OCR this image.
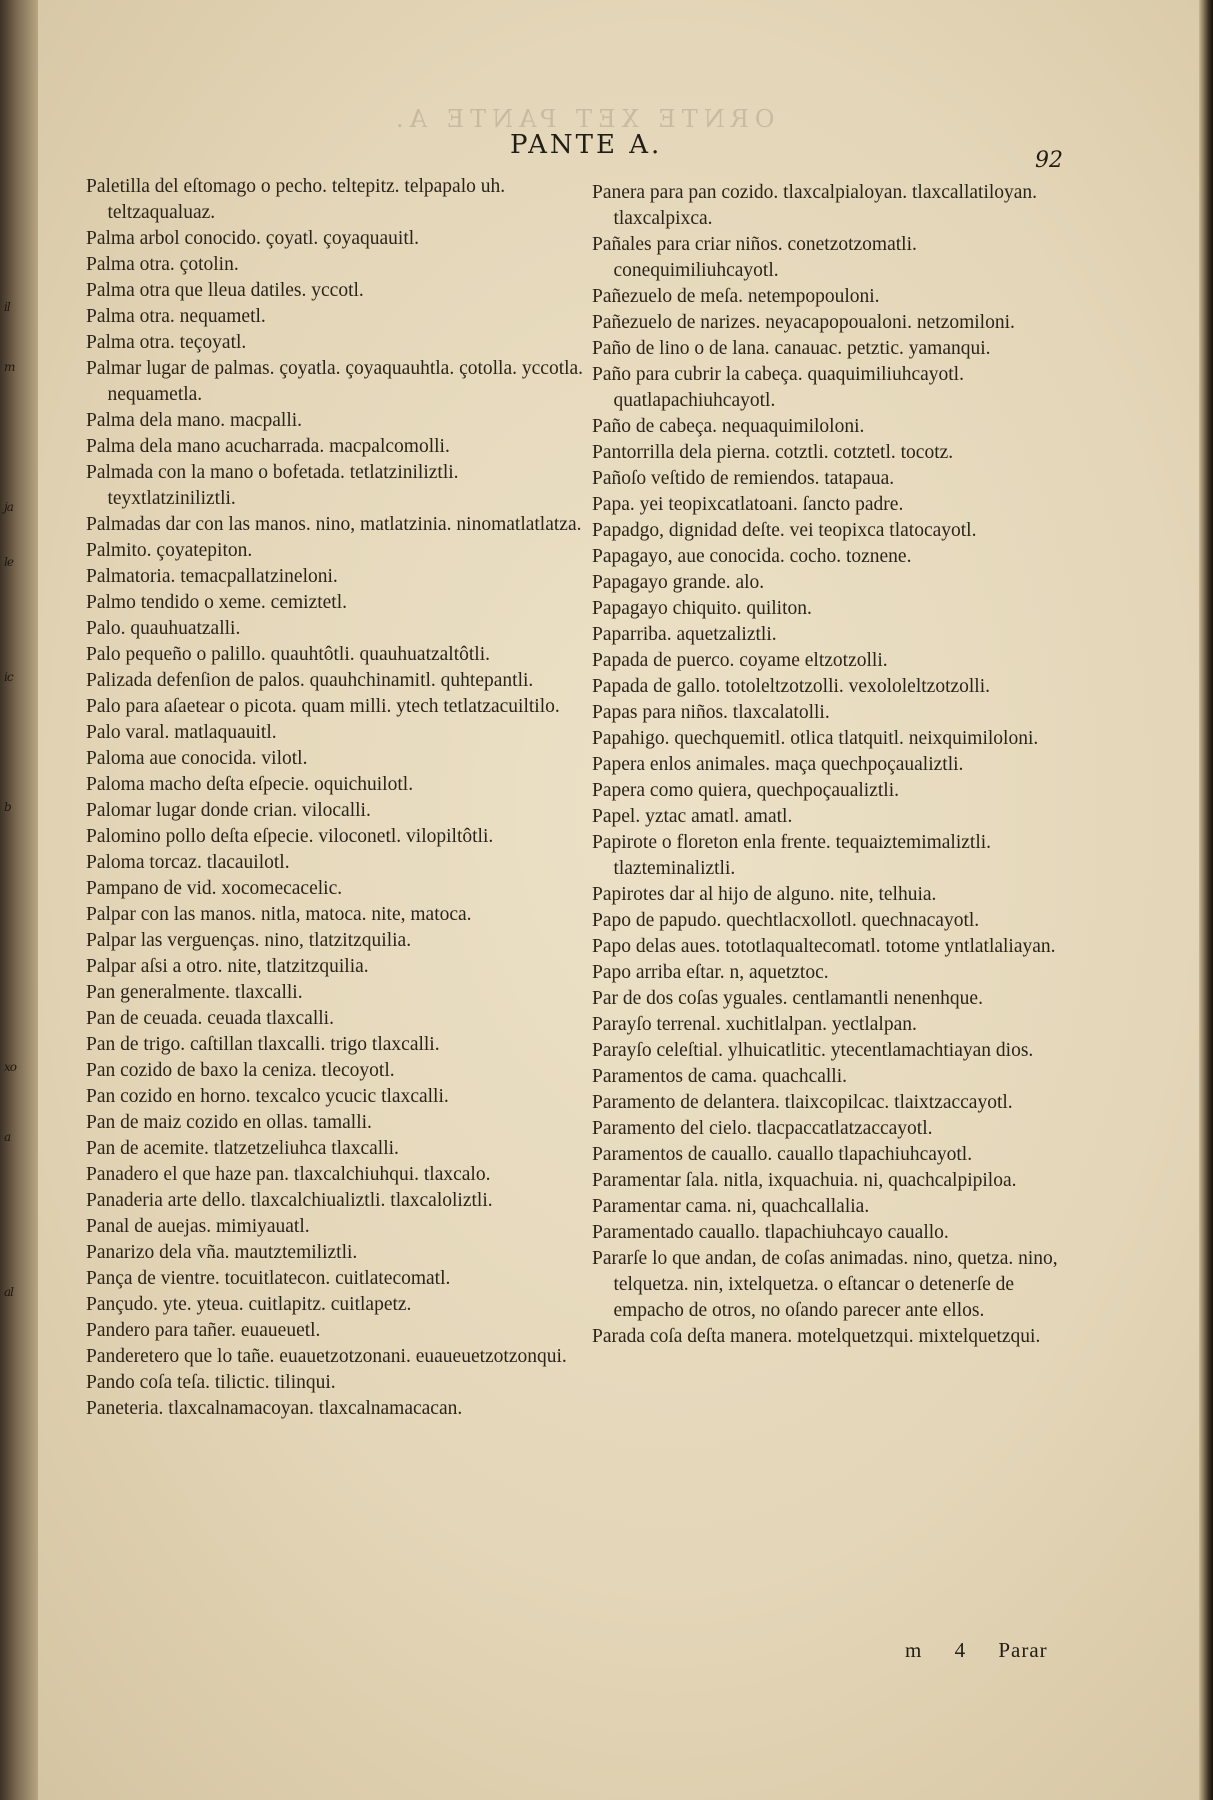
il
m
ja
le
ic
b
xo
a
al
ORNTE XET PANTE A.
PANTE A.
92
Paletilla del eſtomago o pecho. teltepitz. telpapalo uh. teltzaqualuaz.
Palma arbol conocido. çoyatl. çoyaquauitl.
Palma otra. çotolin.
Palma otra que lleua datiles. yccotl.
Palma otra. nequametl.
Palma otra. teçoyatl.
Palmar lugar de palmas. çoyatla. çoyaquauhtla. çotolla. yccotla. nequametla.
Palma dela mano. macpalli.
Palma dela mano acucharrada. macpalcomolli.
Palmada con la mano o bofetada. tetlatziniliztli. teyxtlatziniliztli.
Palmadas dar con las manos. nino, matlatzinia. ninomatlatlatza.
Palmito. çoyatepiton.
Palmatoria. temacpallatzineloni.
Palmo tendido o xeme. cemiztetl.
Palo. quauhuatzalli.
Palo pequeño o palillo. quauhtôtli. quauhuatzaltôtli.
Palizada defenſion de palos. quauhchinamitl. quhtepantli.
Palo para aſaetear o picota. quam milli. ytech tetlatzacuiltilo.
Palo varal. matlaquauitl.
Paloma aue conocida. vilotl.
Paloma macho deſta eſpecie. oquichuilotl.
Palomar lugar donde crian. vilocalli.
Palomino pollo deſta eſpecie. viloconetl. vilopiltôtli.
Paloma torcaz. tlacauilotl.
Pampano de vid. xocomecacelic.
Palpar con las manos. nitla, matoca. nite, matoca.
Palpar las verguenças. nino, tlatzitzquilia.
Palpar aſsi a otro. nite, tlatzitzquilia.
Pan generalmente. tlaxcalli.
Pan de ceuada. ceuada tlaxcalli.
Pan de trigo. caſtillan tlaxcalli. trigo tlaxcalli.
Pan cozido de baxo la ceniza. tlecoyotl.
Pan cozido en horno. texcalco ycucic tlaxcalli.
Pan de maiz cozido en ollas. tamalli.
Pan de acemite. tlatzetzeliuhca tlaxcalli.
Panadero el que haze pan. tlaxcalchiuhqui. tlaxcalo.
Panaderia arte dello. tlaxcalchiualiztli. tlaxcaloliztli.
Panal de auejas. mimiyauatl.
Panarizo dela vña. mautztemiliztli.
Pança de vientre. tocuitlatecon. cuitlatecomatl.
Pançudo. yte. yteua. cuitlapitz. cuitlapetz.
Pandero para tañer. euaueuetl.
Panderetero que lo tañe. euauetzotzonani. euaueuetzotzonqui.
Pando coſa teſa. tilictic. tilinqui.
Paneteria. tlaxcalnamacoyan. tlaxcalnamacacan.
Panera para pan cozido. tlaxcalpialoyan. tlaxcallatiloyan. tlaxcalpixca.
Pañales para criar niños. conetzotzomatli. conequimiliuhcayotl.
Pañezuelo de meſa. netempopouloni.
Pañezuelo de narizes. neyacapopoualoni. netzomiloni.
Paño de lino o de lana. canauac. petztic. yamanqui.
Paño para cubrir la cabeça. quaquimiliuhcayotl. quatlapachiuhcayotl.
Paño de cabeça. nequaquimiloloni.
Pantorrilla dela pierna. cotztli. cotztetl. tocotz.
Pañoſo veſtido de remiendos. tatapaua.
Papa. yei teopixcatlatoani. ſancto padre.
Papadgo, dignidad deſte. vei teopixca tlatocayotl.
Papagayo, aue conocida. cocho. toznene.
Papagayo grande. alo.
Papagayo chiquito. quiliton.
Paparriba. aquetzaliztli.
Papada de puerco. coyame eltzotzolli.
Papada de gallo. totoleltzotzolli. vexololeltzotzolli.
Papas para niños. tlaxcalatolli.
Papahigo. quechquemitl. otlica tlatquitl. neixquimiloloni.
Papera enlos animales. maça quechpoçaualiztli.
Papera como quiera, quechpoçaualiztli.
Papel. yztac amatl. amatl.
Papirote o floreton enla frente. tequaiztemimaliztli. tlazteminaliztli.
Papirotes dar al hijo de alguno. nite, telhuia.
Papo de papudo. quechtlacxollotl. quechnacayotl.
Papo delas aues. tototlaqualtecomatl. totome yntlatlaliayan.
Papo arriba eſtar. n, aquetztoc.
Par de dos coſas yguales. centlamantli nenenhque.
Parayſo terrenal. xuchitlalpan. yectlalpan.
Parayſo celeſtial. ylhuicatlitic. ytecentlamachtiayan dios.
Paramentos de cama. quachcalli.
Paramento de delantera. tlaixcopilcac. tlaixtzaccayotl.
Paramento del cielo. tlacpaccatlatzaccayotl.
Paramentos de cauallo. cauallo tlapachiuhcayotl.
Paramentar ſala. nitla, ixquachuia. ni, quachcalpipiloa.
Paramentar cama. ni, quachcallalia.
Paramentado cauallo. tlapachiuhcayo cauallo.
Pararſe lo que andan, de coſas animadas. nino, quetza. nino, telquetza. nin, ixtelquetza. o eſtancar o detenerſe de empacho de otros, no oſando parecer ante ellos.
Parada coſa deſta manera. motelquetzqui. mixtelquetzqui.
m 4 Parar
